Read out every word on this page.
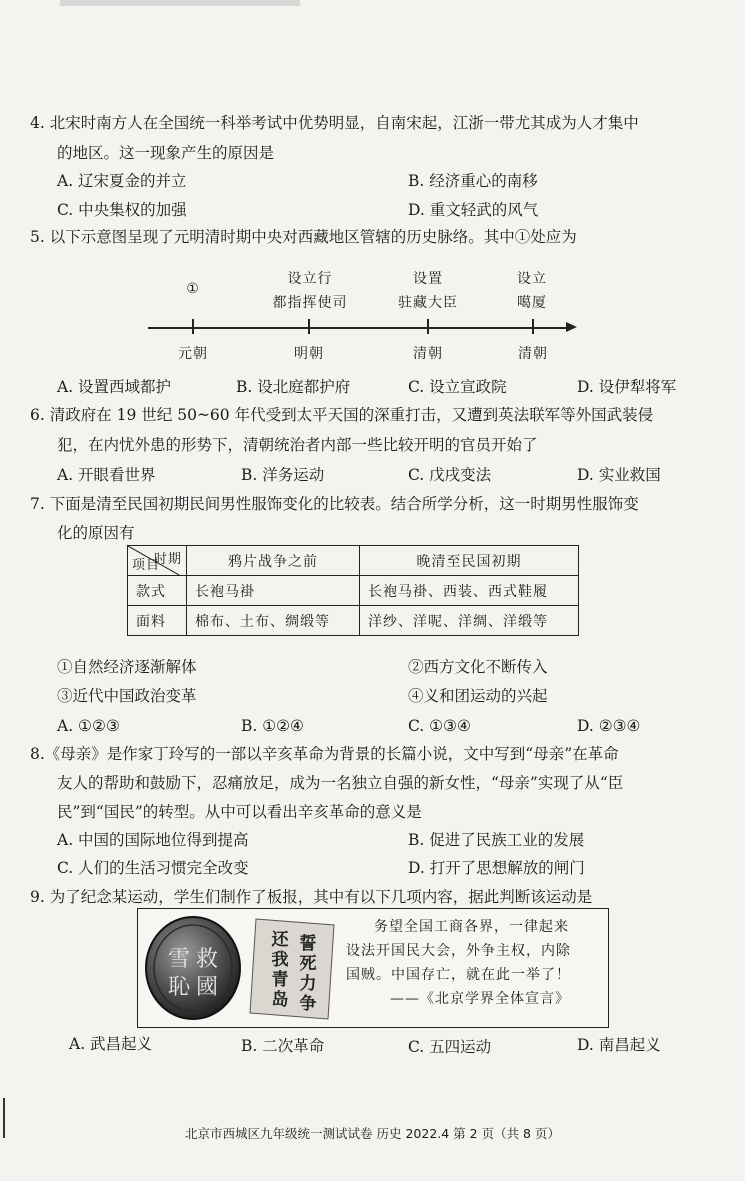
4. 北宋时南方人在全国统一科举考试中优势明显，自南宋起，江浙一带尤其成为人才集中
的地区。这一现象产生的原因是
A. 辽宋夏金的并立	B. 经济重心的南移
C. 中央集权的加强	D. 重文轻武的风气
5. 以下示意图呈现了元明清时期中央对西藏地区管辖的历史脉络。其中①处应为
①
设立行
都指挥使司
设置
驻藏大臣
设立
噶厦
元朝	明朝	清朝	清朝
A. 设置西域都护	B. 设北庭都护府	C. 设立宣政院	D. 设伊犁将军
6. 清政府在 19 世纪 50~60 年代受到太平天国的深重打击，又遭到英法联军等外国武装侵
犯，在内忧外患的形势下，清朝统治者内部一些比较开明的官员开始了
A. 开眼看世界	B. 洋务运动	C. 戊戌变法	D. 实业救国
7. 下面是清至民国初期民间男性服饰变化的比较表。结合所学分析，这一时期男性服饰变
化的原因有
时期
项目	鸦片战争之前	晚清至民国初期
款式	长袍马褂	长袍马褂、西装、西式鞋履
面料	棉布、土布、绸缎等	洋纱、洋呢、洋绸、洋缎等
①自然经济逐渐解体	②西方文化不断传入
③近代中国政治变革	④义和团运动的兴起
A. ①②③	B. ①②④	C. ①③④	D. ②③④
8.《母亲》是作家丁玲写的一部以辛亥革命为背景的长篇小说，文中写到“母亲”在革命
友人的帮助和鼓励下，忍痛放足，成为一名独立自强的新女性，“母亲”实现了从“臣
民”到“国民”的转型。从中可以看出辛亥革命的意义是
A. 中国的国际地位得到提高	B. 促进了民族工业的发展
C. 人们的生活习惯完全改变	D. 打开了思想解放的闸门
9. 为了纪念某运动，学生们制作了板报，其中有以下几项内容，据此判断该运动是
救
國
雪
恥
誓
死
力
争
还
我
青
岛
务望全国工商各界，一律起来
设法开国民大会，外争主权，内除
国贼。中国存亡，就在此一举了！
——《北京学界全体宣言》
A. 武昌起义	B. 二次革命	C. 五四运动	D. 南昌起义
北京市西城区九年级统一测试试卷 历史 2022.4 第 2 页（共 8 页）
